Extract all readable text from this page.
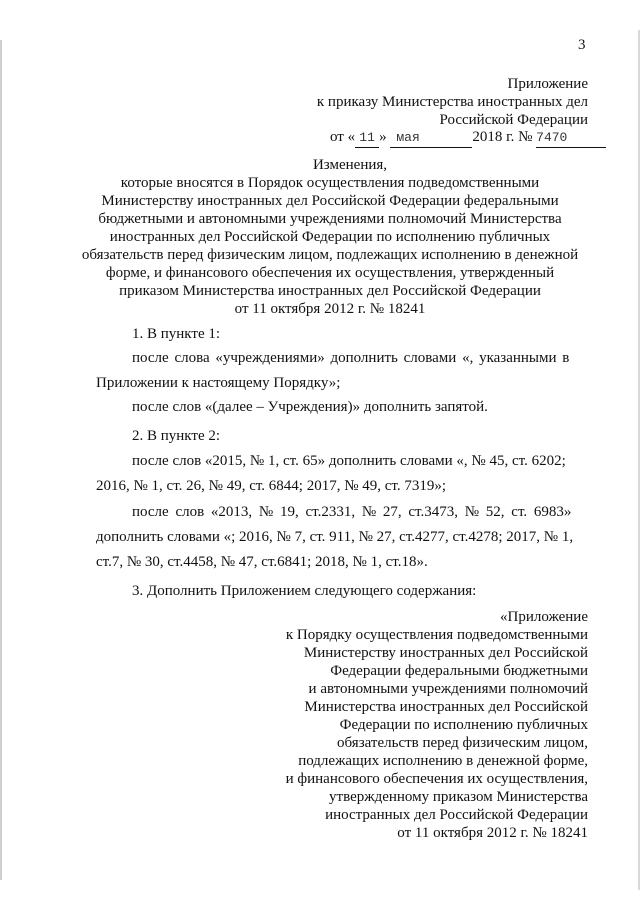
3
Приложение
к приказу Министерства иностранных дел
Российской Федерации
от « 11 » мая	2018 г. № 7470
Изменения,
которые вносятся в Порядок осуществления подведомственными
Министерству иностранных дел Российской Федерации федеральными
бюджетными и автономными учреждениями полномочий Министерства
иностранных дел Российской Федерации по исполнению публичных
обязательств перед физическим лицом, подлежащих исполнению в денежной
форме, и финансового обеспечения их осуществления, утвержденный
приказом Министерства иностранных дел Российской Федерации
от 11 октября 2012 г. № 18241
1. В пункте 1:
после слова «учреждениями» дополнить словами «, указанными в
Приложении к настоящему Порядку»;
после слов «(далее – Учреждения)» дополнить запятой.
2. В пункте 2:
после слов «2015, № 1, ст. 65» дополнить словами «, № 45, ст. 6202;
2016, № 1, ст. 26, № 49, ст. 6844; 2017, № 49, ст. 7319»;
после слов «2013, № 19, ст.2331, № 27, ст.3473, № 52, ст. 6983»
дополнить словами «; 2016, № 7, ст. 911, № 27, ст.4277, ст.4278; 2017, № 1,
ст.7, № 30, ст.4458, № 47, ст.6841; 2018, № 1, ст.18».
3. Дополнить Приложением следующего содержания:
«Приложение
к Порядку осуществления подведомственными
Министерству иностранных дел Российской
Федерации федеральными бюджетными
и автономными учреждениями полномочий
Министерства иностранных дел Российской
Федерации по исполнению публичных
обязательств перед физическим лицом,
подлежащих исполнению в денежной форме,
и финансового обеспечения их осуществления,
утвержденному приказом Министерства
иностранных дел Российской Федерации
от 11 октября 2012 г. № 18241
